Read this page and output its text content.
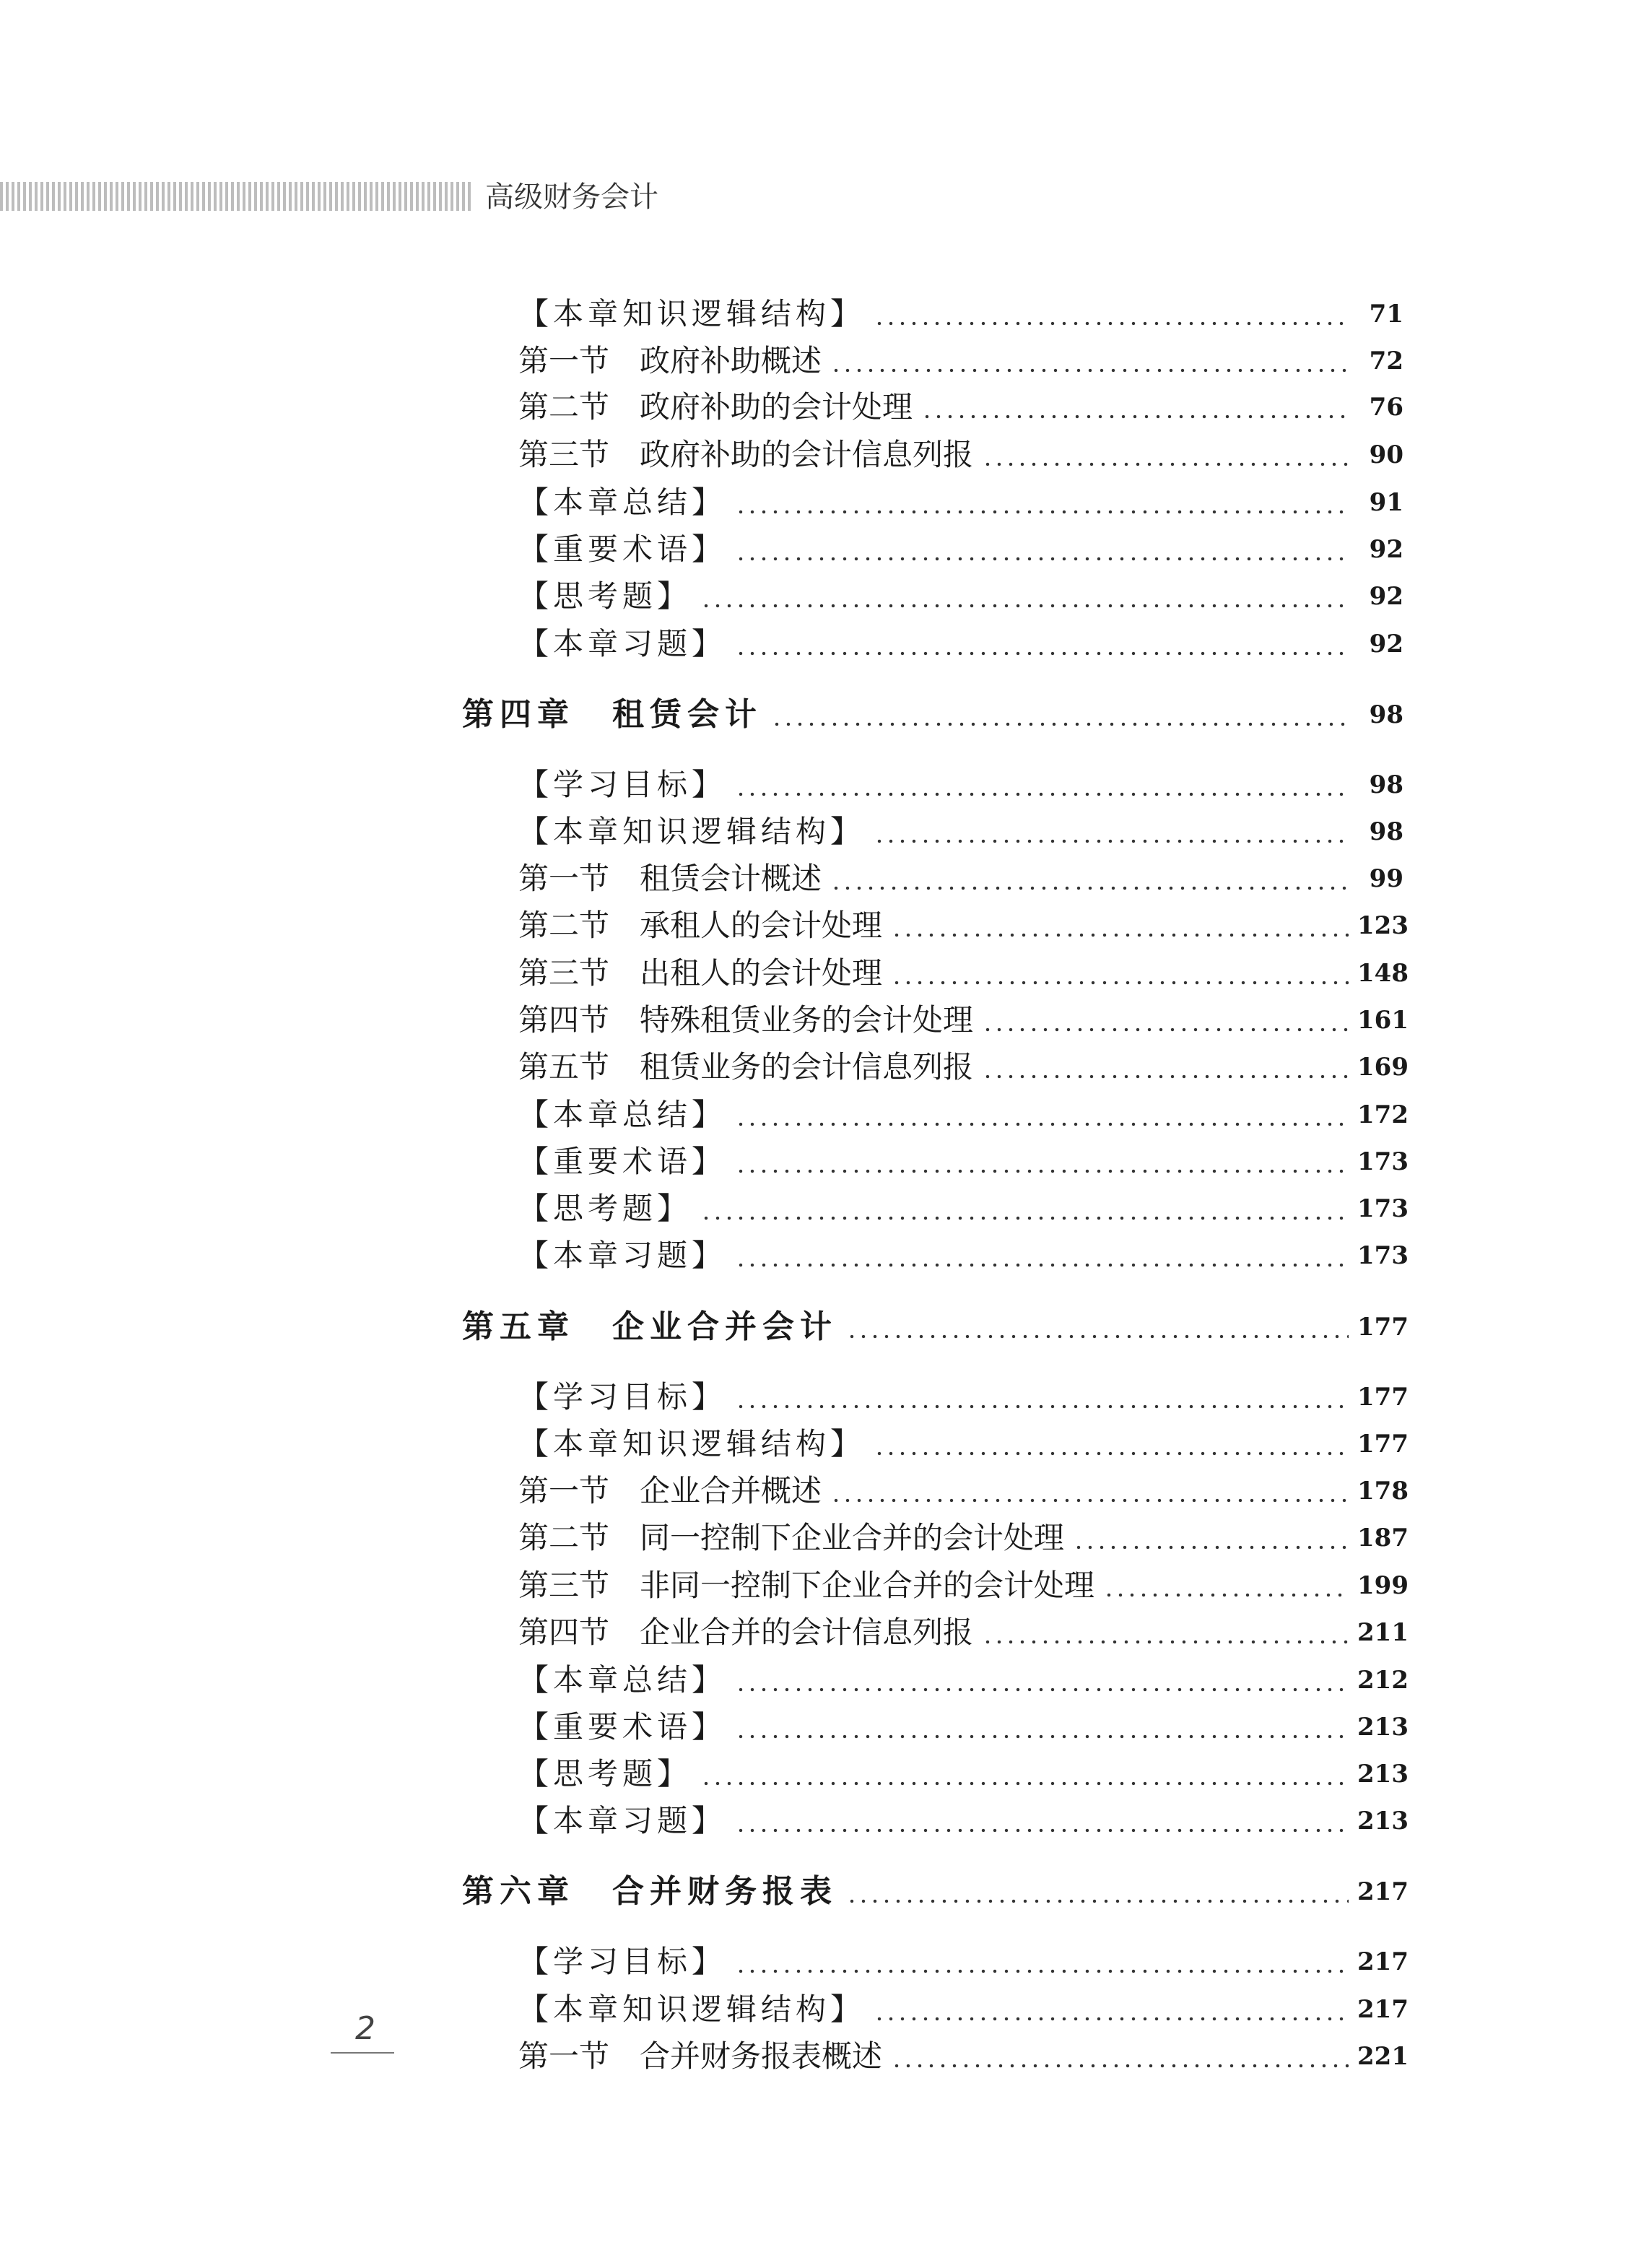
高级财务会计
【本章知识逻辑结构】	71
第一节　政府补助概述	72
第二节　政府补助的会计处理	76
第三节　政府补助的会计信息列报	90
【本章总结】	91
【重要术语】	92
【思考题】	92
【本章习题】	92
第四章　租赁会计	98
【学习目标】	98
【本章知识逻辑结构】	98
第一节　租赁会计概述	99
第二节　承租人的会计处理	123
第三节　出租人的会计处理	148
第四节　特殊租赁业务的会计处理	161
第五节　租赁业务的会计信息列报	169
【本章总结】	172
【重要术语】	173
【思考题】	173
【本章习题】	173
第五章　企业合并会计	177
【学习目标】	177
【本章知识逻辑结构】	177
第一节　企业合并概述	178
第二节　同一控制下企业合并的会计处理	187
第三节　非同一控制下企业合并的会计处理	199
第四节　企业合并的会计信息列报	211
【本章总结】	212
【重要术语】	213
【思考题】	213
【本章习题】	213
第六章　合并财务报表	217
【学习目标】	217
【本章知识逻辑结构】	217
第一节　合并财务报表概述	221
2
